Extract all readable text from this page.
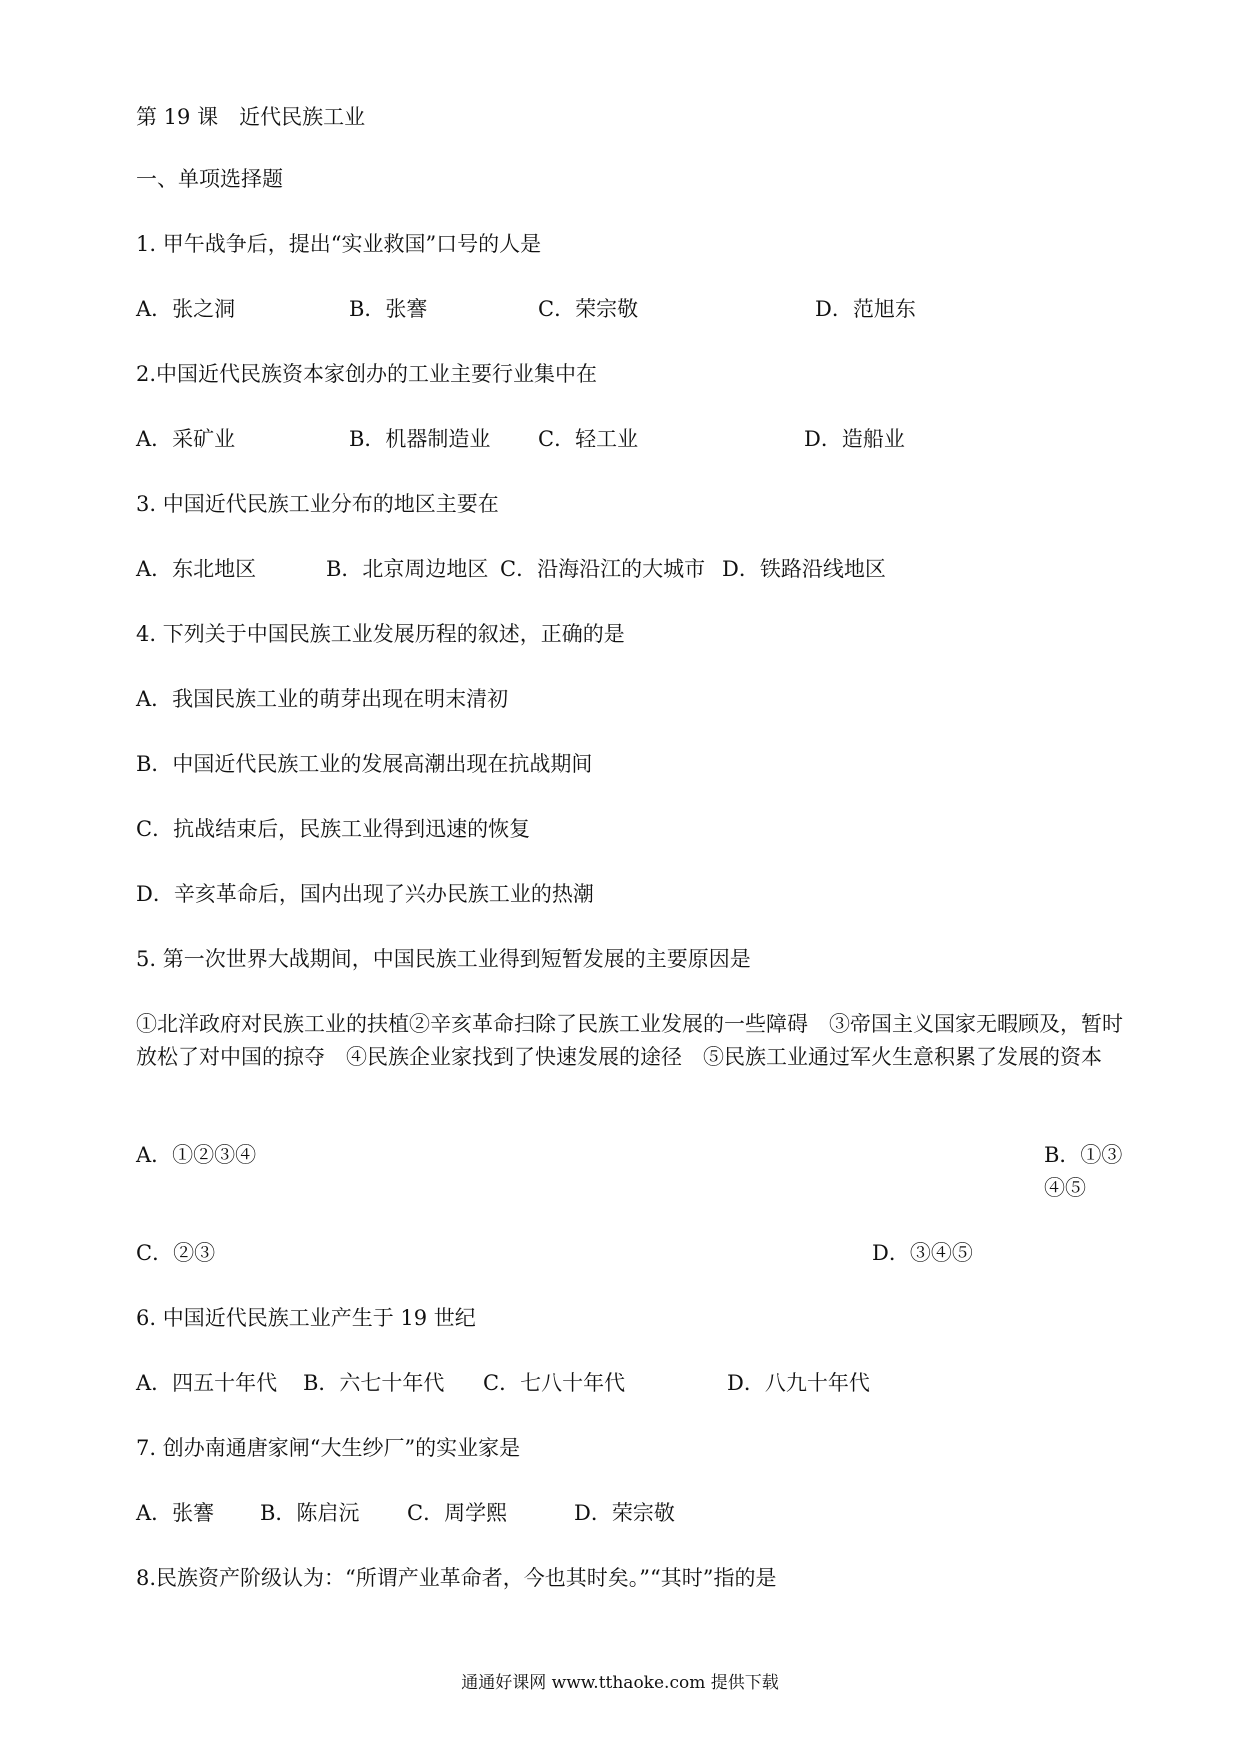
第 19 课　近代民族工业

一、单项选择题

1. 甲午战争后，提出“实业救国”口号的人是

A．张之洞	B．张謇	C．荣宗敬	D．范旭东

2.中国近代民族资本家创办的工业主要行业集中在

A．采矿业	B．机器制造业 C．轻工业	D．造船业

3. 中国近代民族工业分布的地区主要在

A．东北地区	B．北京周边地区 C．沿海沿江的大城市 D．铁路沿线地区

4. 下列关于中国民族工业发展历程的叙述，正确的是

A．我国民族工业的萌芽出现在明末清初

B．中国近代民族工业的发展高潮出现在抗战期间

C．抗战结束后，民族工业得到迅速的恢复

D．辛亥革命后，国内出现了兴办民族工业的热潮

5. 第一次世界大战期间，中国民族工业得到短暂发展的主要原因是

①北洋政府对民族工业的扶植②辛亥革命扫除了民族工业发展的一些障碍　③帝国主义国家无暇顾及，暂时放松了对中国的掠夺　④民族企业家找到了快速发展的途径　⑤民族工业通过军火生意积累了发展的资本

A．①②③④	B．①③④⑤
C．②③	D．③④⑤

6. 中国近代民族工业产生于 19 世纪

A．四五十年代 B．六七十年代 C．七八十年代	D．八九十年代

7. 创办南通唐家闸“大生纱厂”的实业家是

A．张謇 B．陈启沅 C．周学熙	D．荣宗敬

8.民族资产阶级认为：“所谓产业革命者，今也其时矣。”“其时”指的是

通通好课网 www.tthaoke.com 提供下载
